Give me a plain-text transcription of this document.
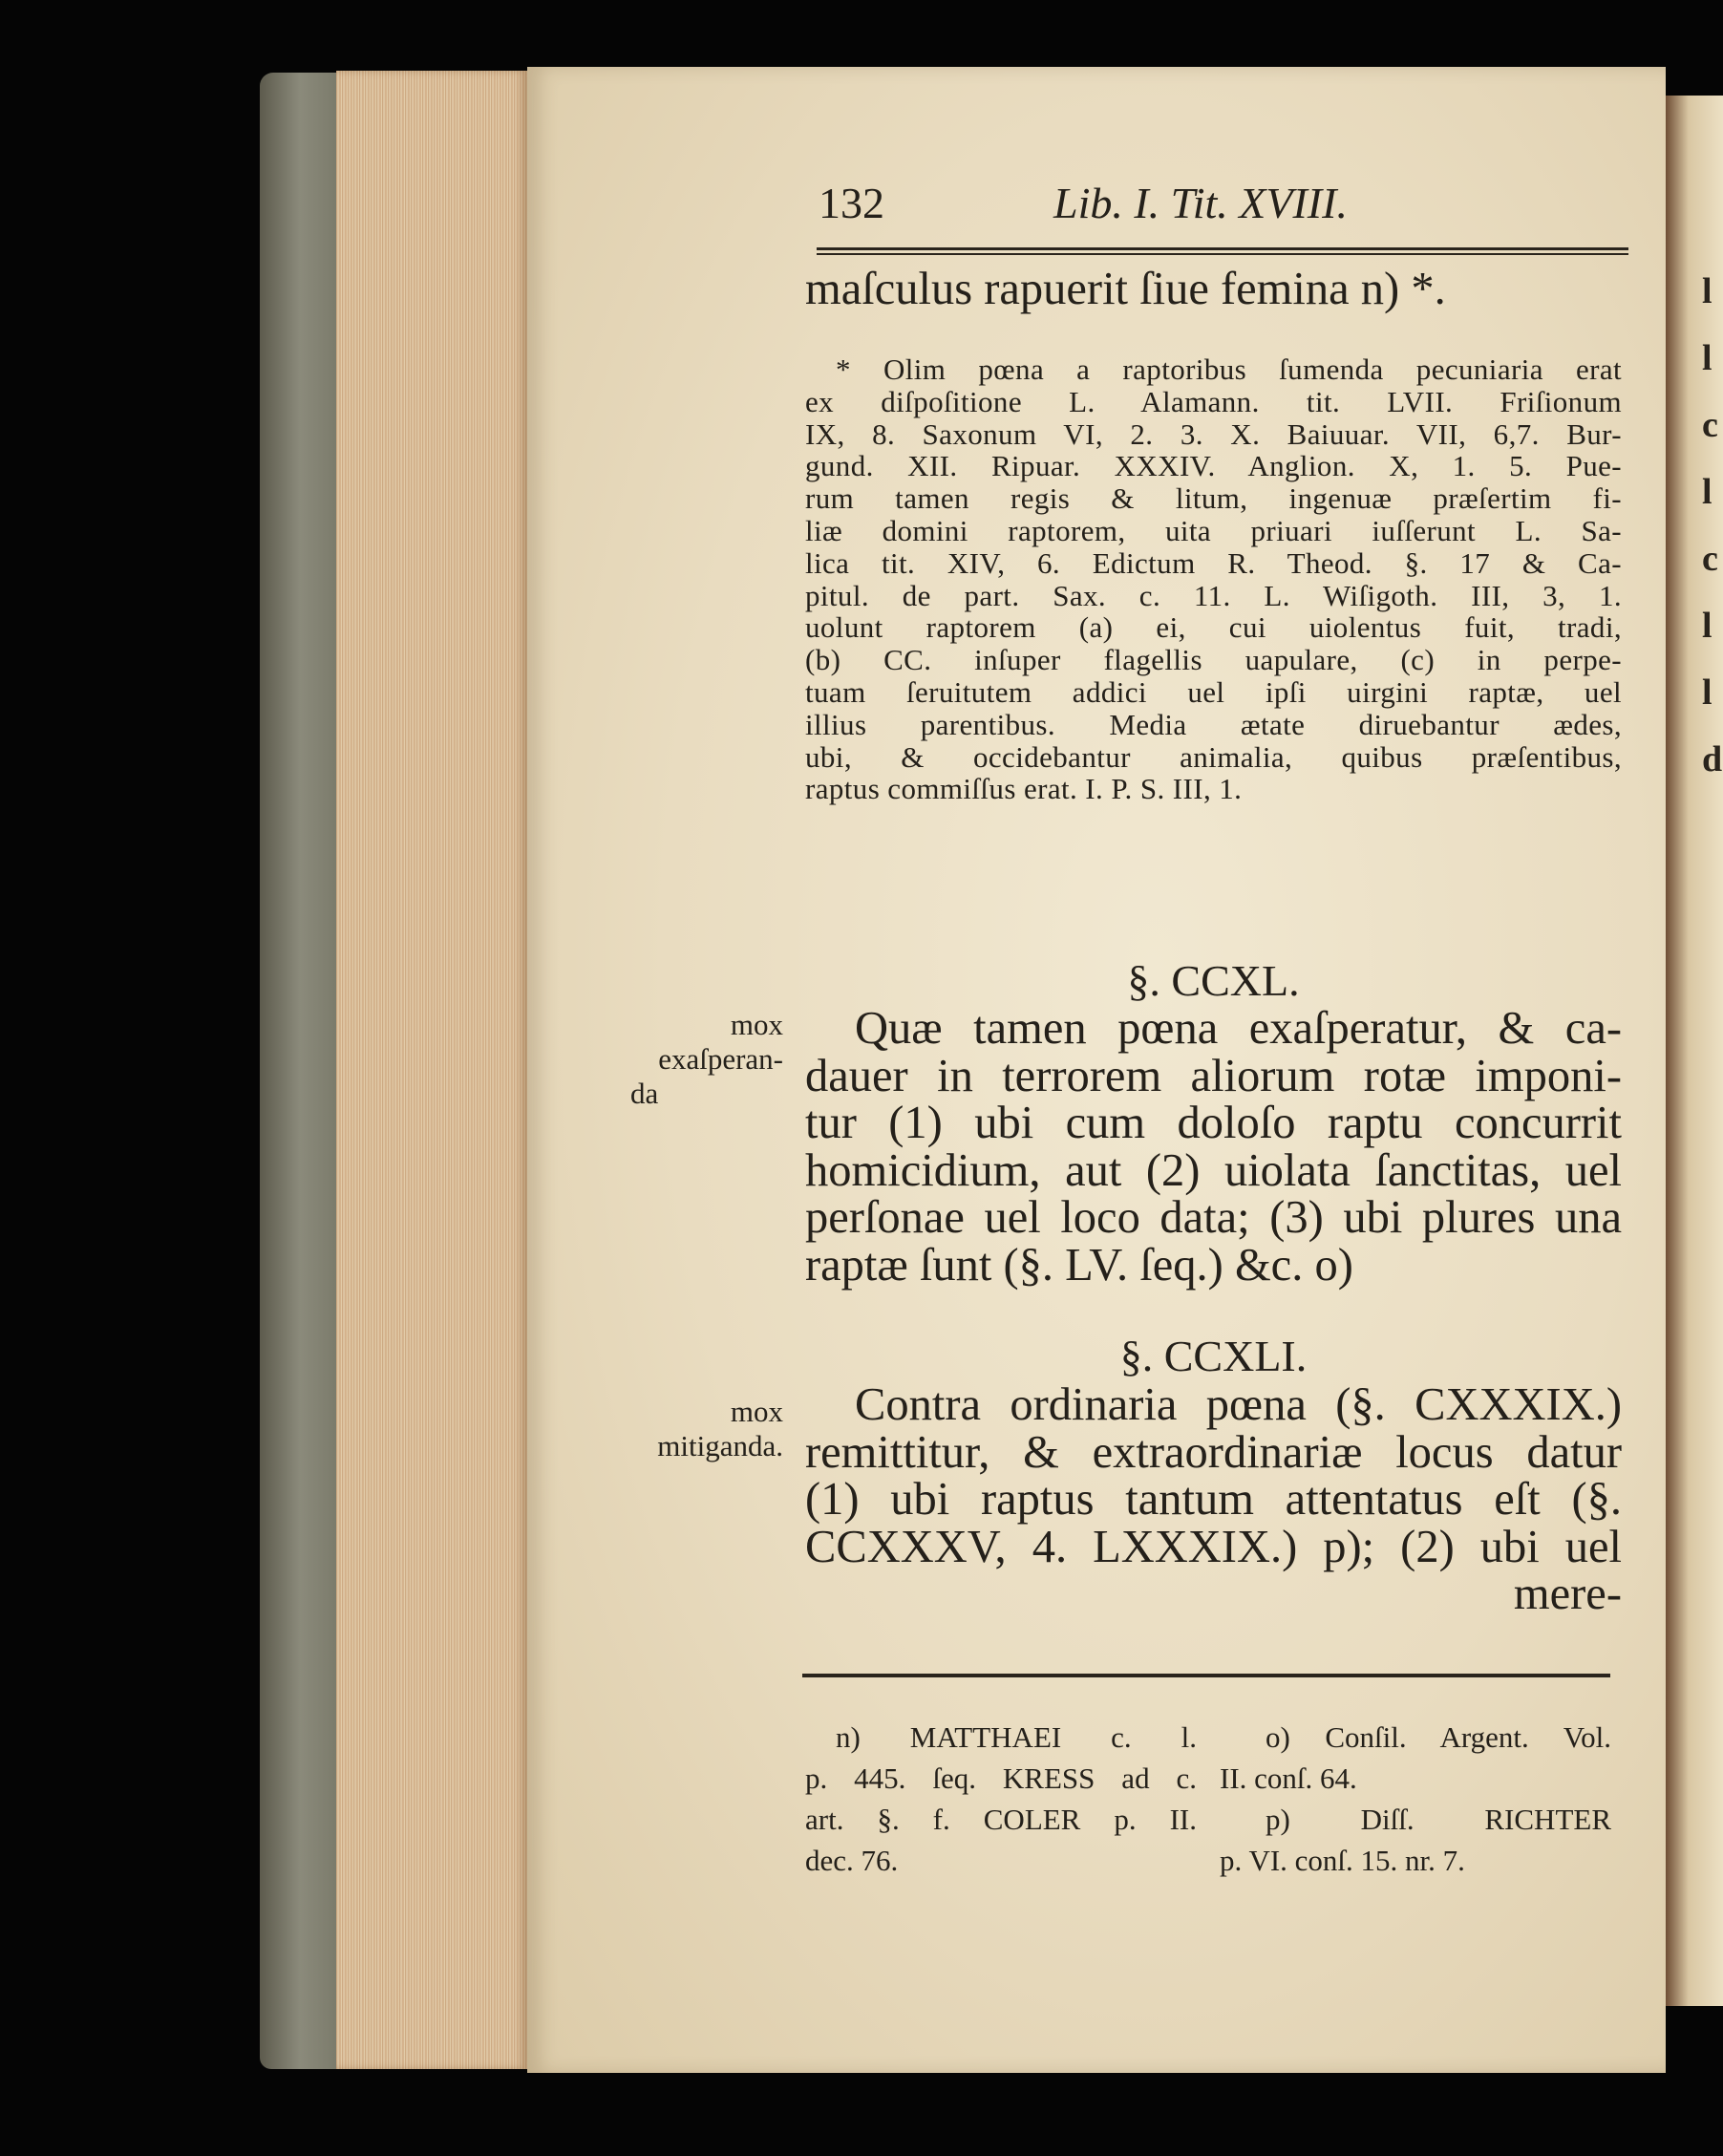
l
l
c
l
c
l
l
d
132	Lib. I. Tit. XVIII.
maſculus rapuerit ſiue femina n) *.
* Olim pœna a raptoribus ſumenda pecuniaria erat
ex diſpoſitione L. Alamann. tit. LVII. Friſionum
IX, 8. Saxonum VI, 2. 3. X. Baiuuar. VII, 6,7. Bur-
gund. XII. Ripuar. XXXIV. Anglion. X, 1. 5. Pue-
rum tamen regis & litum, ingenuæ præſertim fi-
liæ domini raptorem, uita priuari iuſſerunt L. Sa-
lica tit. XIV, 6. Edictum R. Theod. §. 17 & Ca-
pitul. de part. Sax. c. 11. L. Wiſigoth. III, 3, 1.
uolunt raptorem (a) ei, cui uiolentus fuit, tradi,
(b) CC. inſuper flagellis uapulare, (c) in perpe-
tuam ſeruitutem addici uel ipſi uirgini raptæ, uel
illius parentibus. Media ætate diruebantur ædes,
ubi, & occidebantur animalia, quibus præſentibus,
raptus commiſſus erat. I. P. S. III, 1.
§. CCXL.
mox
exaſperan-
da
Quæ tamen pœna exaſperatur, & ca-
dauer in terrorem aliorum rotæ imponi-
tur (1) ubi cum doloſo raptu concurrit
homicidium, aut (2) uiolata ſanctitas, uel
perſonae uel loco data; (3) ubi plures una
raptæ ſunt (§. LV. ſeq.) &c. o)
§. CCXLI.
mox
mitiganda.
Contra ordinaria pœna (§. CXXXIX.)
remittitur, & extraordinariæ locus datur
(1) ubi raptus tantum attentatus eſt (§.
CCXXXV, 4. LXXXIX.) p); (2) ubi uel
mere-
n) MATTHAEI c. l.
p. 445. ſeq. KRESS ad c.
art. §. f. COLER p. II.
dec. 76.
o) Conſil. Argent. Vol.
II. conſ. 64.
p) Diſſ. RICHTER
p. VI. conſ. 15. nr. 7.
